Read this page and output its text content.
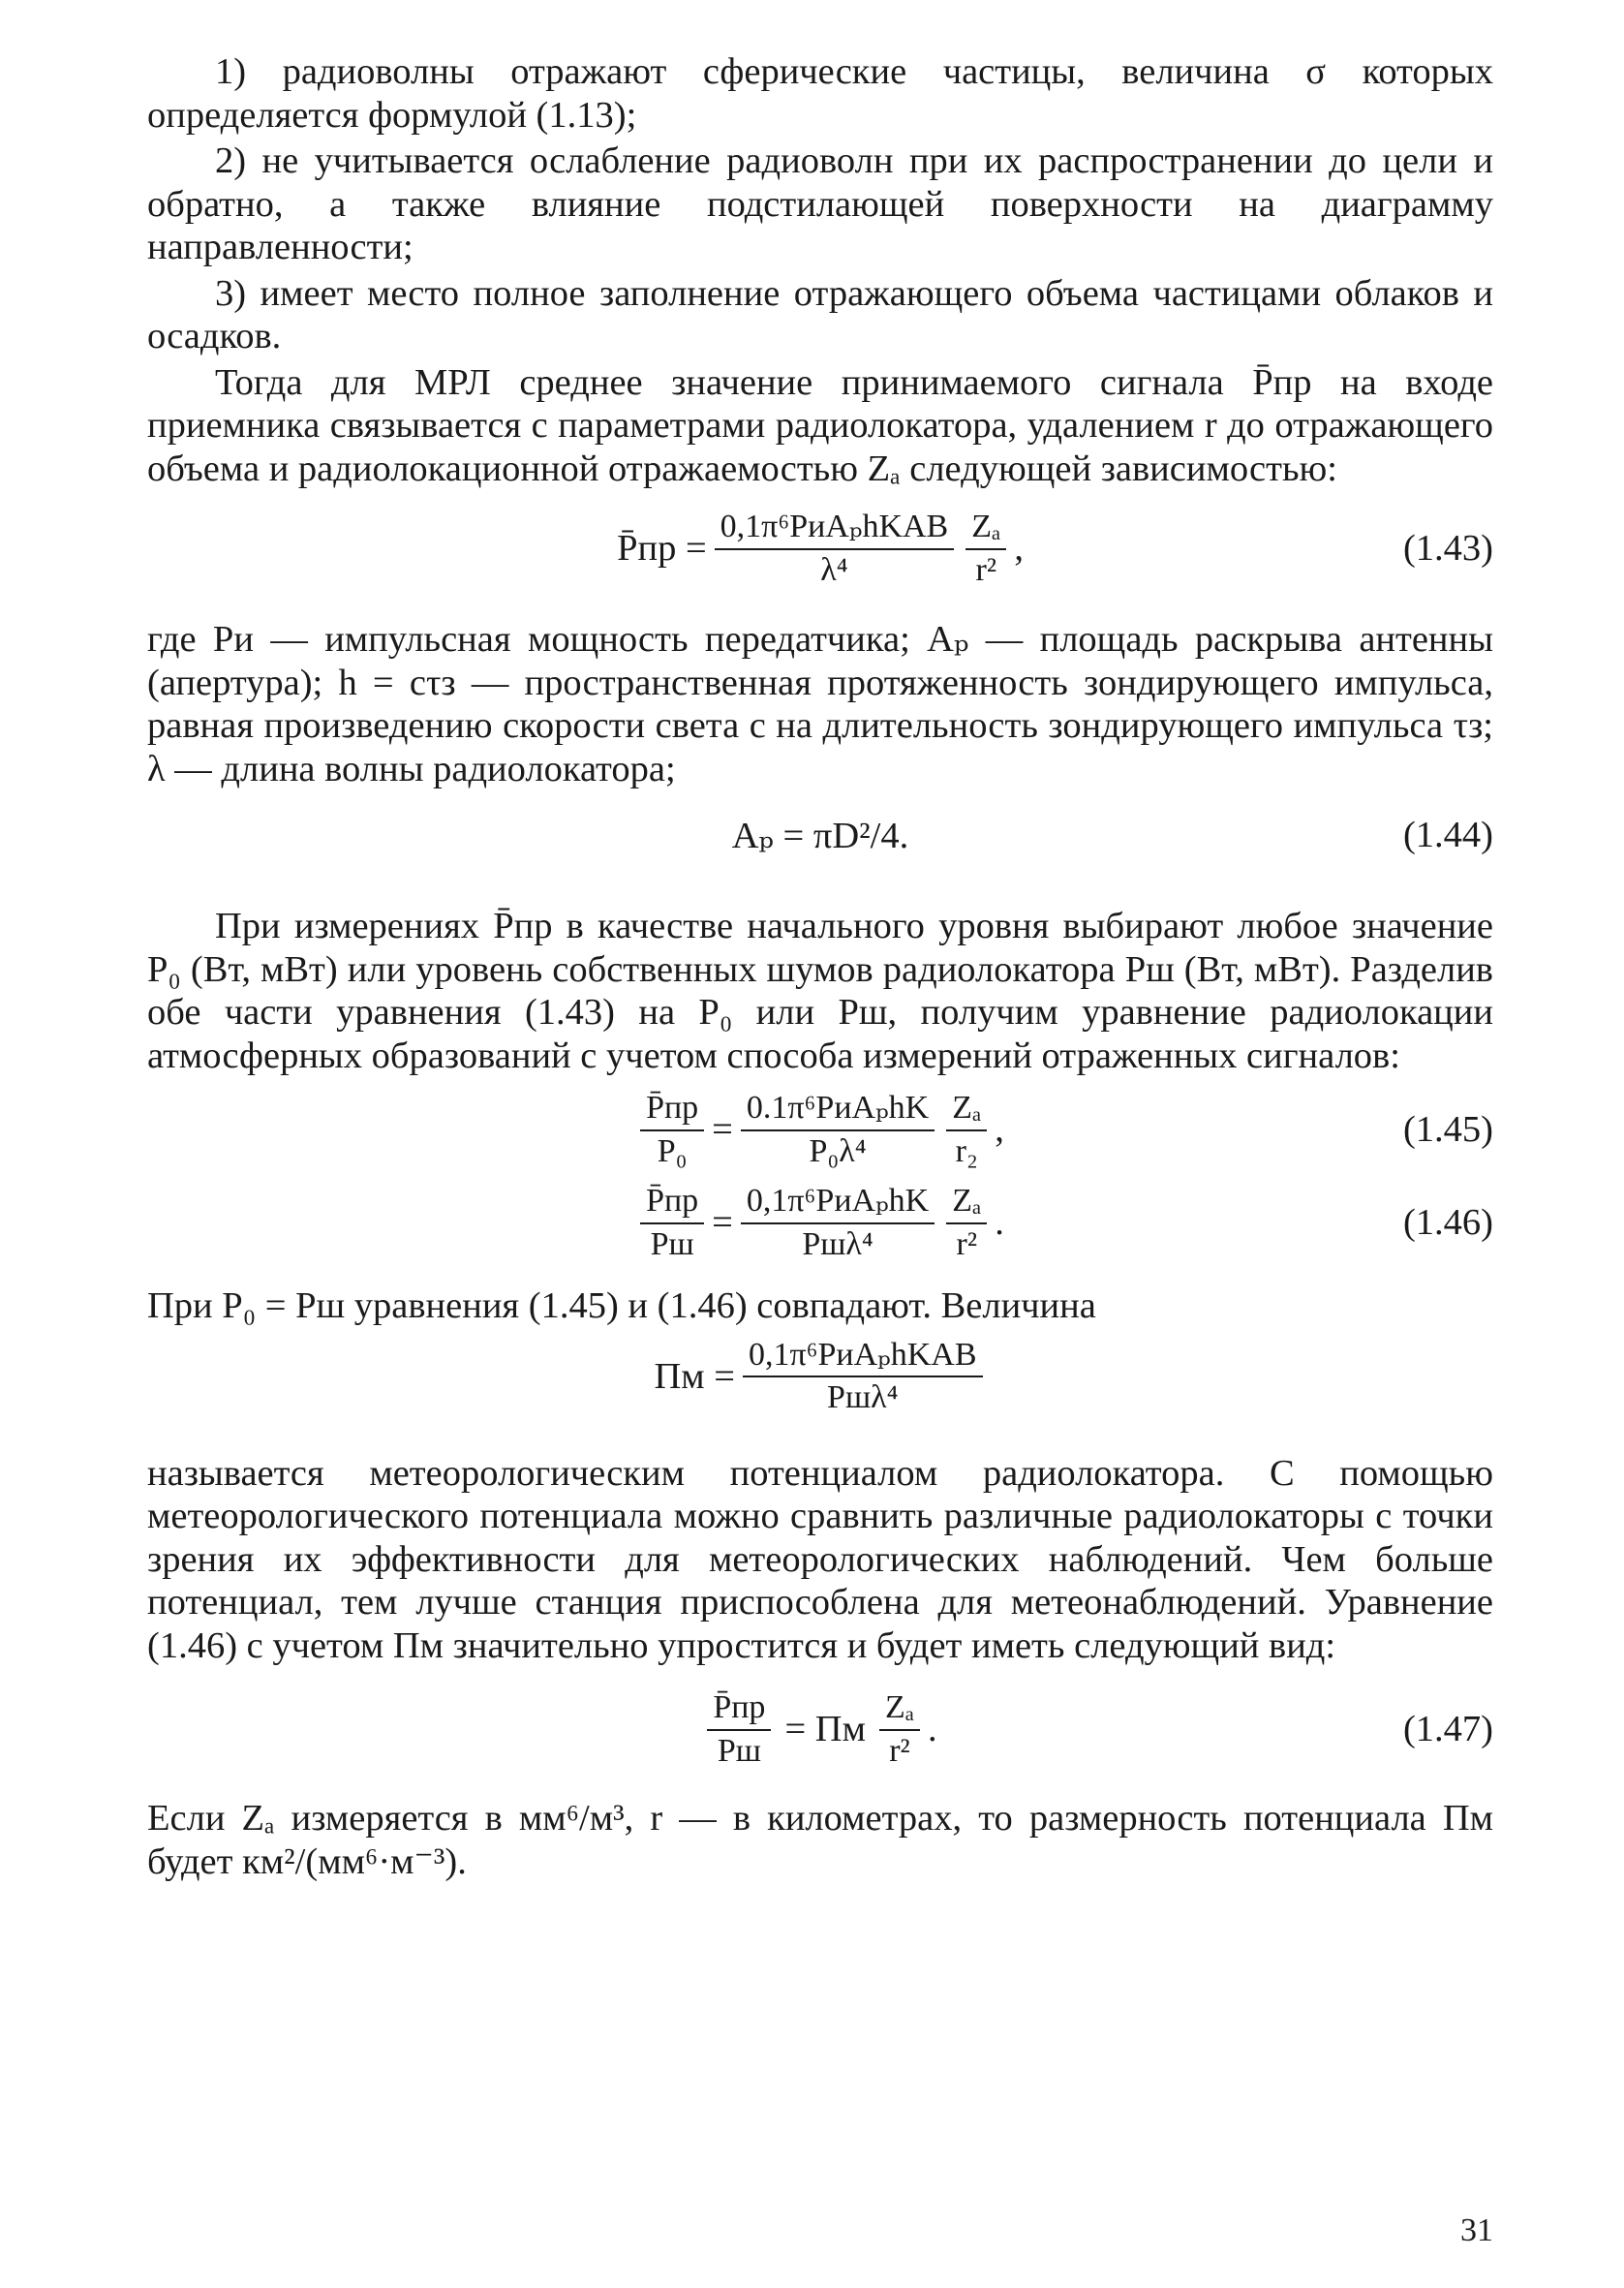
1) радиоволны отражают сферические частицы, величина σ которых определяется формулой (1.13);

2) не учитывается ослабление радиоволн при их распространении до цели и обратно, а также влияние подстилающей поверхности на диаграмму направленности;

3) имеет место полное заполнение отражающего объема частицами облаков и осадков.

Тогда для МРЛ среднее значение принимаемого сигнала P̄пр на входе приемника связывается с параметрами радиолокатора, удалением r до отражающего объема и радиолокационной отражаемостью Zₐ следующей зависимостью:

P̄пр = $\frac{\text{0,1π⁶PиAₚhKАВ}}{\text{λ⁴}} \frac{\text{Zₐ}}{\text{r²}}$ ,	(1.43)

где Pи — импульсная мощность передатчика; Aₚ — площадь раскрыва антенны (апертура); h = cτз — пространственная протяженность зондирующего импульса, равная произведению скорости света c на длительность зондирующего импульса τз; λ — длина волны радиолокатора;

Aₚ = πD²/4.	(1.44)

При измерениях P̄пр в качестве начального уровня выбирают любое значение P₀ (Вт, мВт) или уровень собственных шумов радиолокатора Pш (Вт, мВт). Разделив обе части уравнения (1.43) на P₀ или Pш, получим уравнение радиолокации атмосферных образований с учетом способа измерений отраженных сигналов:

$\frac{P̄пр}{\text{P₀}} = \frac{\text{0.1π⁶PиAₚhK}}{\text{P₀λ⁴}} \frac{\text{Zₐ}}{\text{r₂}}$ ,	(1.45)
$\frac{P̄пр}{Pш} = \frac{\text{0,1π⁶PиAₚhK}}{\text{Pшλ⁴}} \frac{\text{Zₐ}}{\text{r²}}$ .	(1.46)

При P₀ = Pш уравнения (1.45) и (1.46) совпадают. Величина

Пм = $\frac{\text{0,1π⁶PиAₚhKАВ}}{\text{Pшλ⁴}}$

называется метеорологическим потенциалом радиолокатора. С помощью метеорологического потенциала можно сравнить различные радиолокаторы с точки зрения их эффективности для метеорологических наблюдений. Чем больше потенциал, тем лучше станция приспособлена для метеонаблюдений. Уравнение (1.46) с учетом Пм значительно упростится и будет иметь следующий вид:

$\frac{P̄пр}{Pш}$ = Пм $\frac{\text{Zₐ}}{\text{r²}}$ .	(1.47)

Если Zₐ измеряется в мм⁶/м³, r — в километрах, то размерность потенциала Пм будет км²/(мм⁶·м⁻³).

31
